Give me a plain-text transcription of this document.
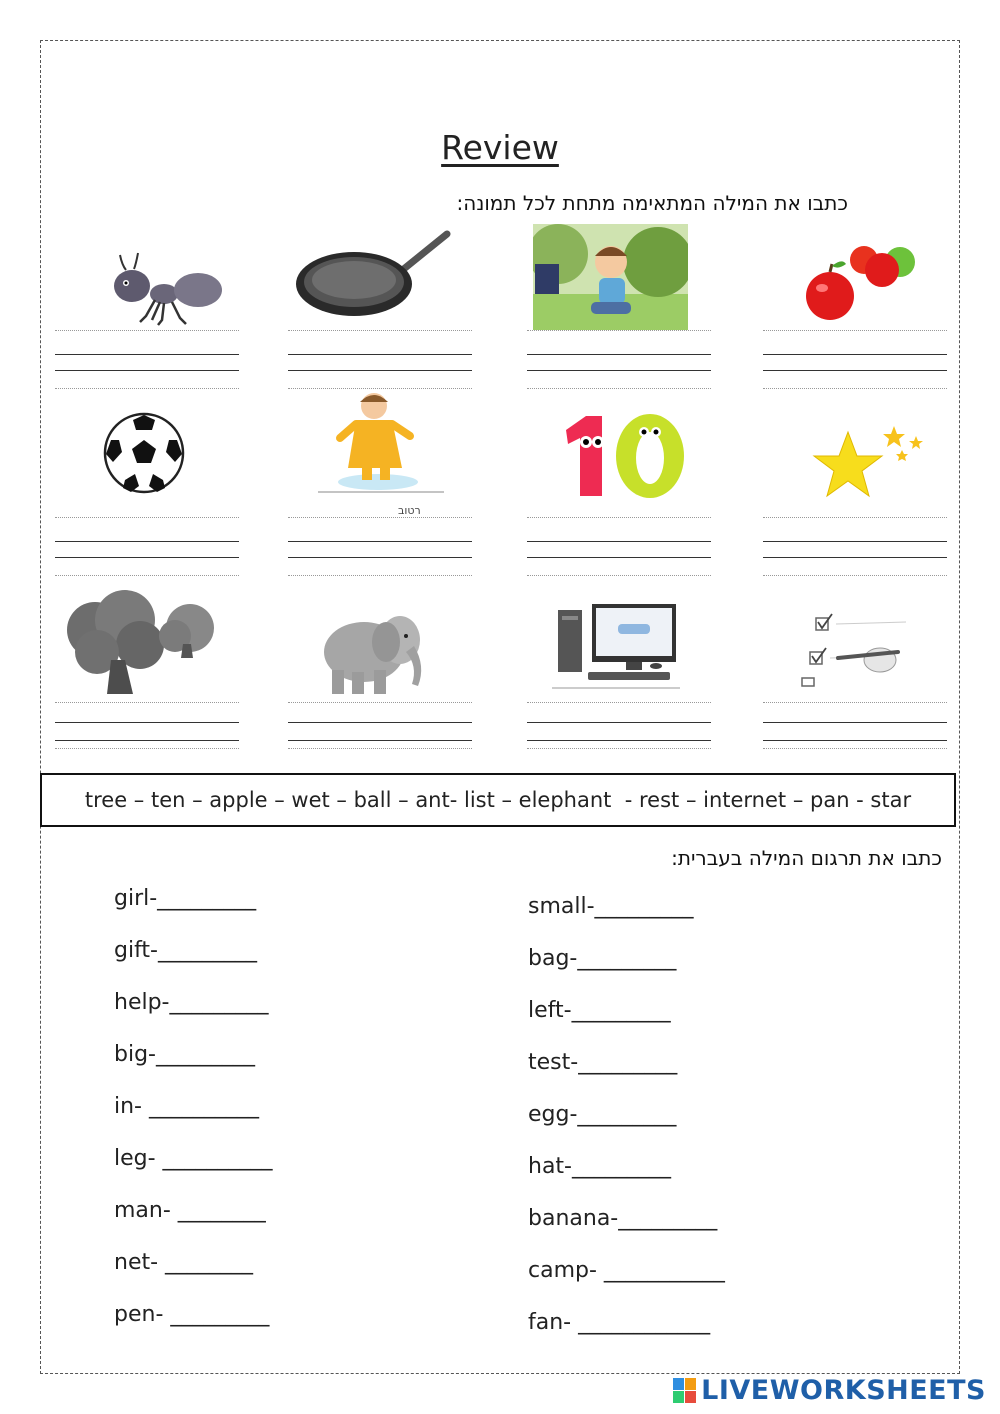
Review
כתבו את המילה המתאימה מתחת לכל תמונה:
רטוב
tree – ten – apple – wet – ball – ant- list – elephant  - rest – internet – pan - star
כתבו את תרגום המילה בעברית:
girl-_________
gift-_________
help-_________
big-_________
in- __________
leg- __________
man- ________
net- ________
pen- _________
small-_________
bag-_________
left-_________
test-_________
egg-_________
hat-_________
banana-_________
camp- ___________
fan- ____________
LIVEWORKSHEETS
